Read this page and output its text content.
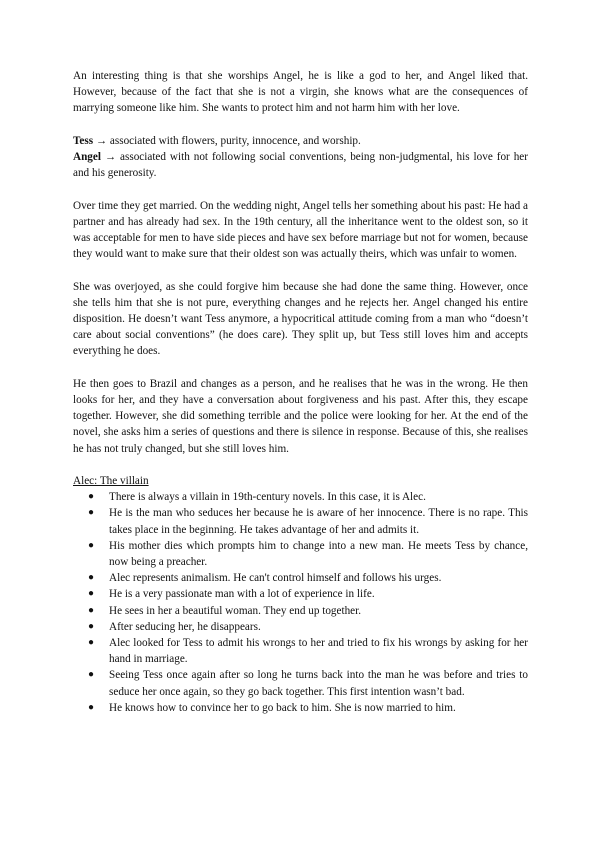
An interesting thing is that she worships Angel, he is like a god to her, and Angel liked that. However, because of the fact that she is not a virgin, she knows what are the consequences of marrying someone like him. She wants to protect him and not harm him with her love.

Tess → associated with flowers, purity, innocence, and worship.

Angel → associated with not following social conventions, being non-judgmental, his love for her and his generosity.

Over time they get married. On the wedding night, Angel tells her something about his past: He had a partner and has already had sex. In the 19th century, all the inheritance went to the oldest son, so it was acceptable for men to have side pieces and have sex before marriage but not for women, because they would want to make sure that their oldest son was actually theirs, which was unfair to women.

She was overjoyed, as she could forgive him because she had done the same thing. However, once she tells him that she is not pure, everything changes and he rejects her. Angel changed his entire disposition. He doesn’t want Tess anymore, a hypocritical attitude coming from a man who “doesn’t care about social conventions” (he does care). They split up, but Tess still loves him and accepts everything he does.

He then goes to Brazil and changes as a person, and he realises that he was in the wrong. He then looks for her, and they have a conversation about forgiveness and his past. After this, they escape together. However, she did something terrible and the police were looking for her. At the end of the novel, she asks him a series of questions and there is silence in response. Because of this, she realises he has not truly changed, but she still loves him.

Alec: The villain

● There is always a villain in 19th-century novels. In this case, it is Alec.
● He is the man who seduces her because he is aware of her innocence. There is no rape. This takes place in the beginning. He takes advantage of her and admits it.
● His mother dies which prompts him to change into a new man. He meets Tess by chance, now being a preacher.
● Alec represents animalism. He can't control himself and follows his urges.
● He is a very passionate man with a lot of experience in life.
● He sees in her a beautiful woman. They end up together.
● After seducing her, he disappears.
● Alec looked for Tess to admit his wrongs to her and tried to fix his wrongs by asking for her hand in marriage.
● Seeing Tess once again after so long he turns back into the man he was before and tries to seduce her once again, so they go back together. This first intention wasn’t bad.
● He knows how to convince her to go back to him. She is now married to him.
